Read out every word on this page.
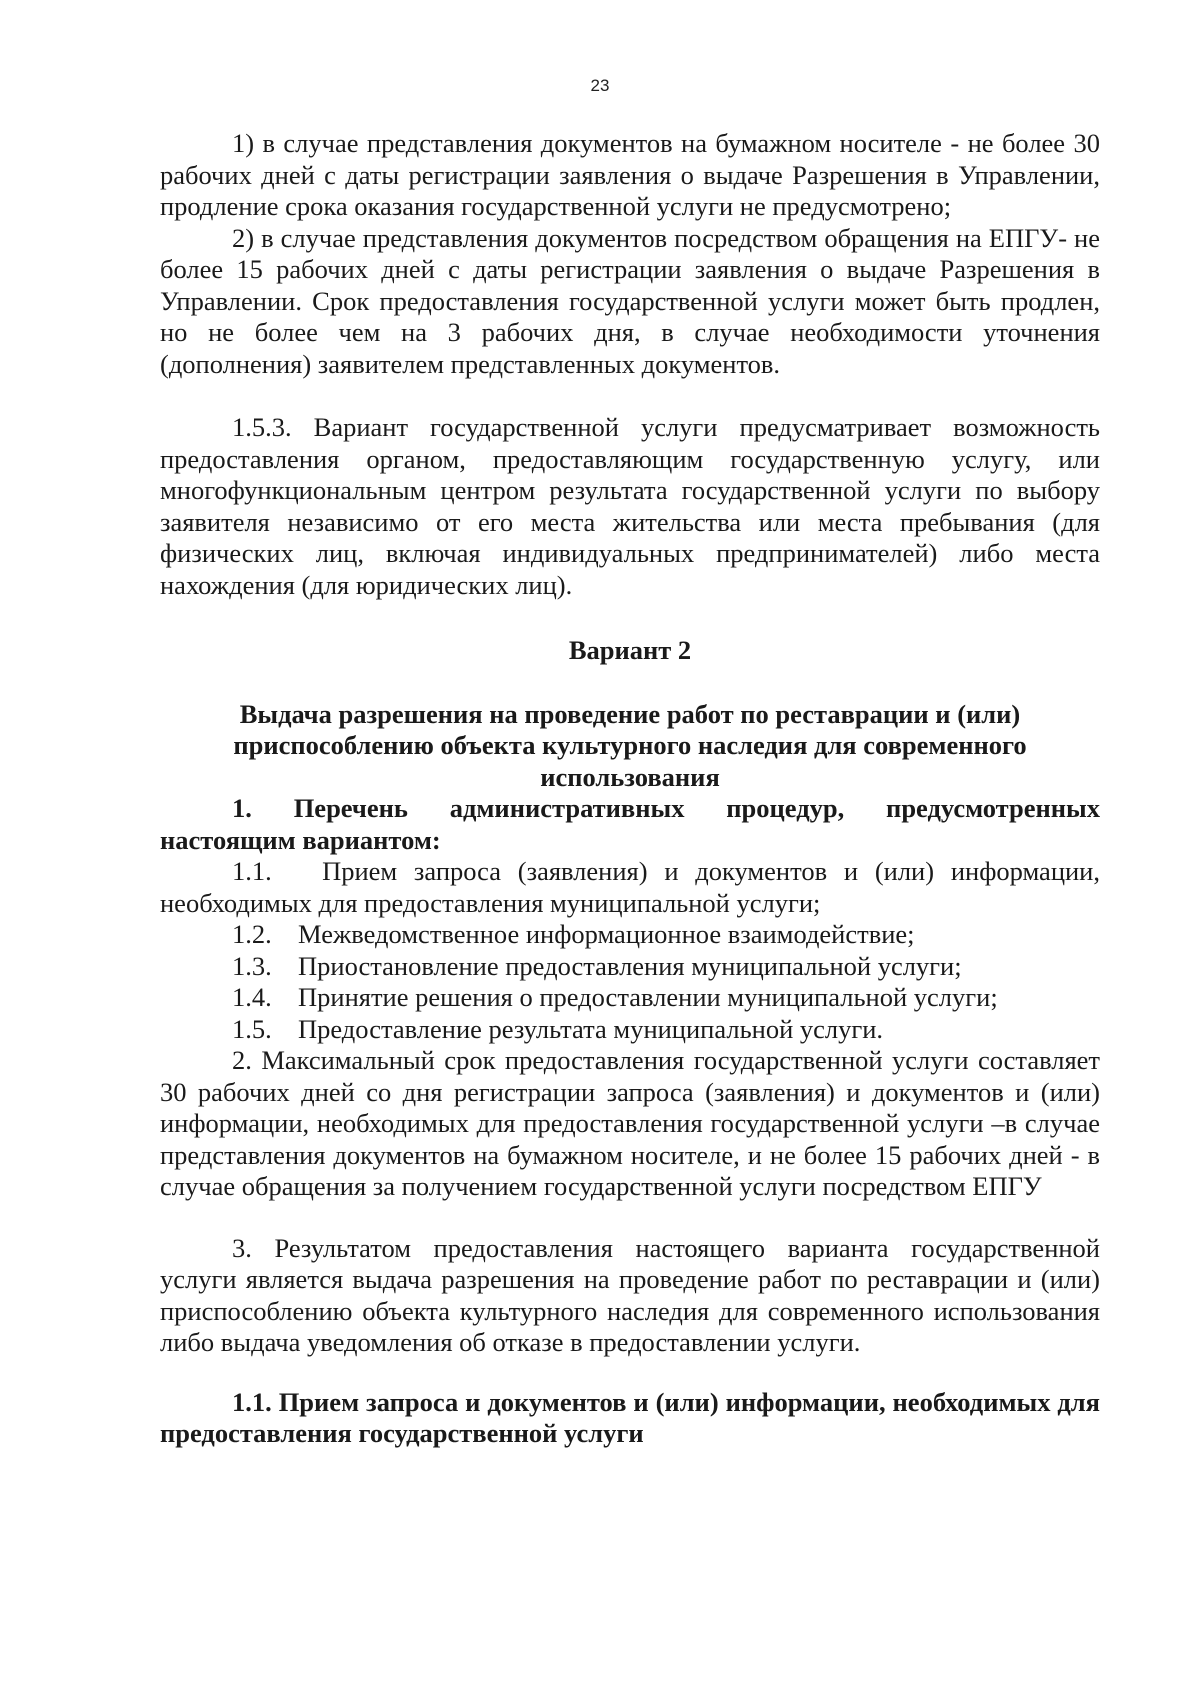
23

1) в случае представления документов на бумажном носителе - не более 30 рабочих дней с даты регистрации заявления о выдаче Разрешения в Управлении, продление срока оказания государственной услуги не предусмотрено;

2) в случае представления документов посредством обращения на ЕПГУ- не более 15 рабочих дней с даты регистрации заявления о выдаче Разрешения в Управлении. Срок предоставления государственной услуги может быть продлен, но не более чем на 3 рабочих дня, в случае необходимости уточнения (дополнения) заявителем представленных документов.

1.5.3. Вариант государственной услуги предусматривает возможность предоставления органом, предоставляющим государственную услугу, или многофункциональным центром результата государственной услуги по выбору заявителя независимо от его места жительства или места пребывания (для физических лиц, включая индивидуальных предпринимателей) либо места нахождения (для юридических лиц).

Вариант 2

Выдача разрешения на проведение работ по реставрации и (или) приспособлению объекта культурного наследия для современного использования

1. Перечень административных процедур, предусмотренных настоящим вариантом:

1.1. Прием запроса (заявления) и документов и (или) информации, необходимых для предоставления муниципальной услуги;
1.2. Межведомственное информационное взаимодействие;
1.3. Приостановление предоставления муниципальной услуги;
1.4. Принятие решения о предоставлении муниципальной услуги;
1.5. Предоставление результата муниципальной услуги.

2. Максимальный срок предоставления государственной услуги составляет 30 рабочих дней со дня регистрации запроса (заявления) и документов и (или) информации, необходимых для предоставления государственной услуги –в случае представления документов на бумажном носителе, и не более 15 рабочих дней - в случае обращения за получением государственной услуги посредством ЕПГУ

3. Результатом предоставления настоящего варианта государственной услуги является выдача разрешения на проведение работ по реставрации и (или) приспособлению объекта культурного наследия для современного использования либо выдача уведомления об отказе в предоставлении услуги.

1.1. Прием запроса и документов и (или) информации, необходимых для предоставления государственной услуги
